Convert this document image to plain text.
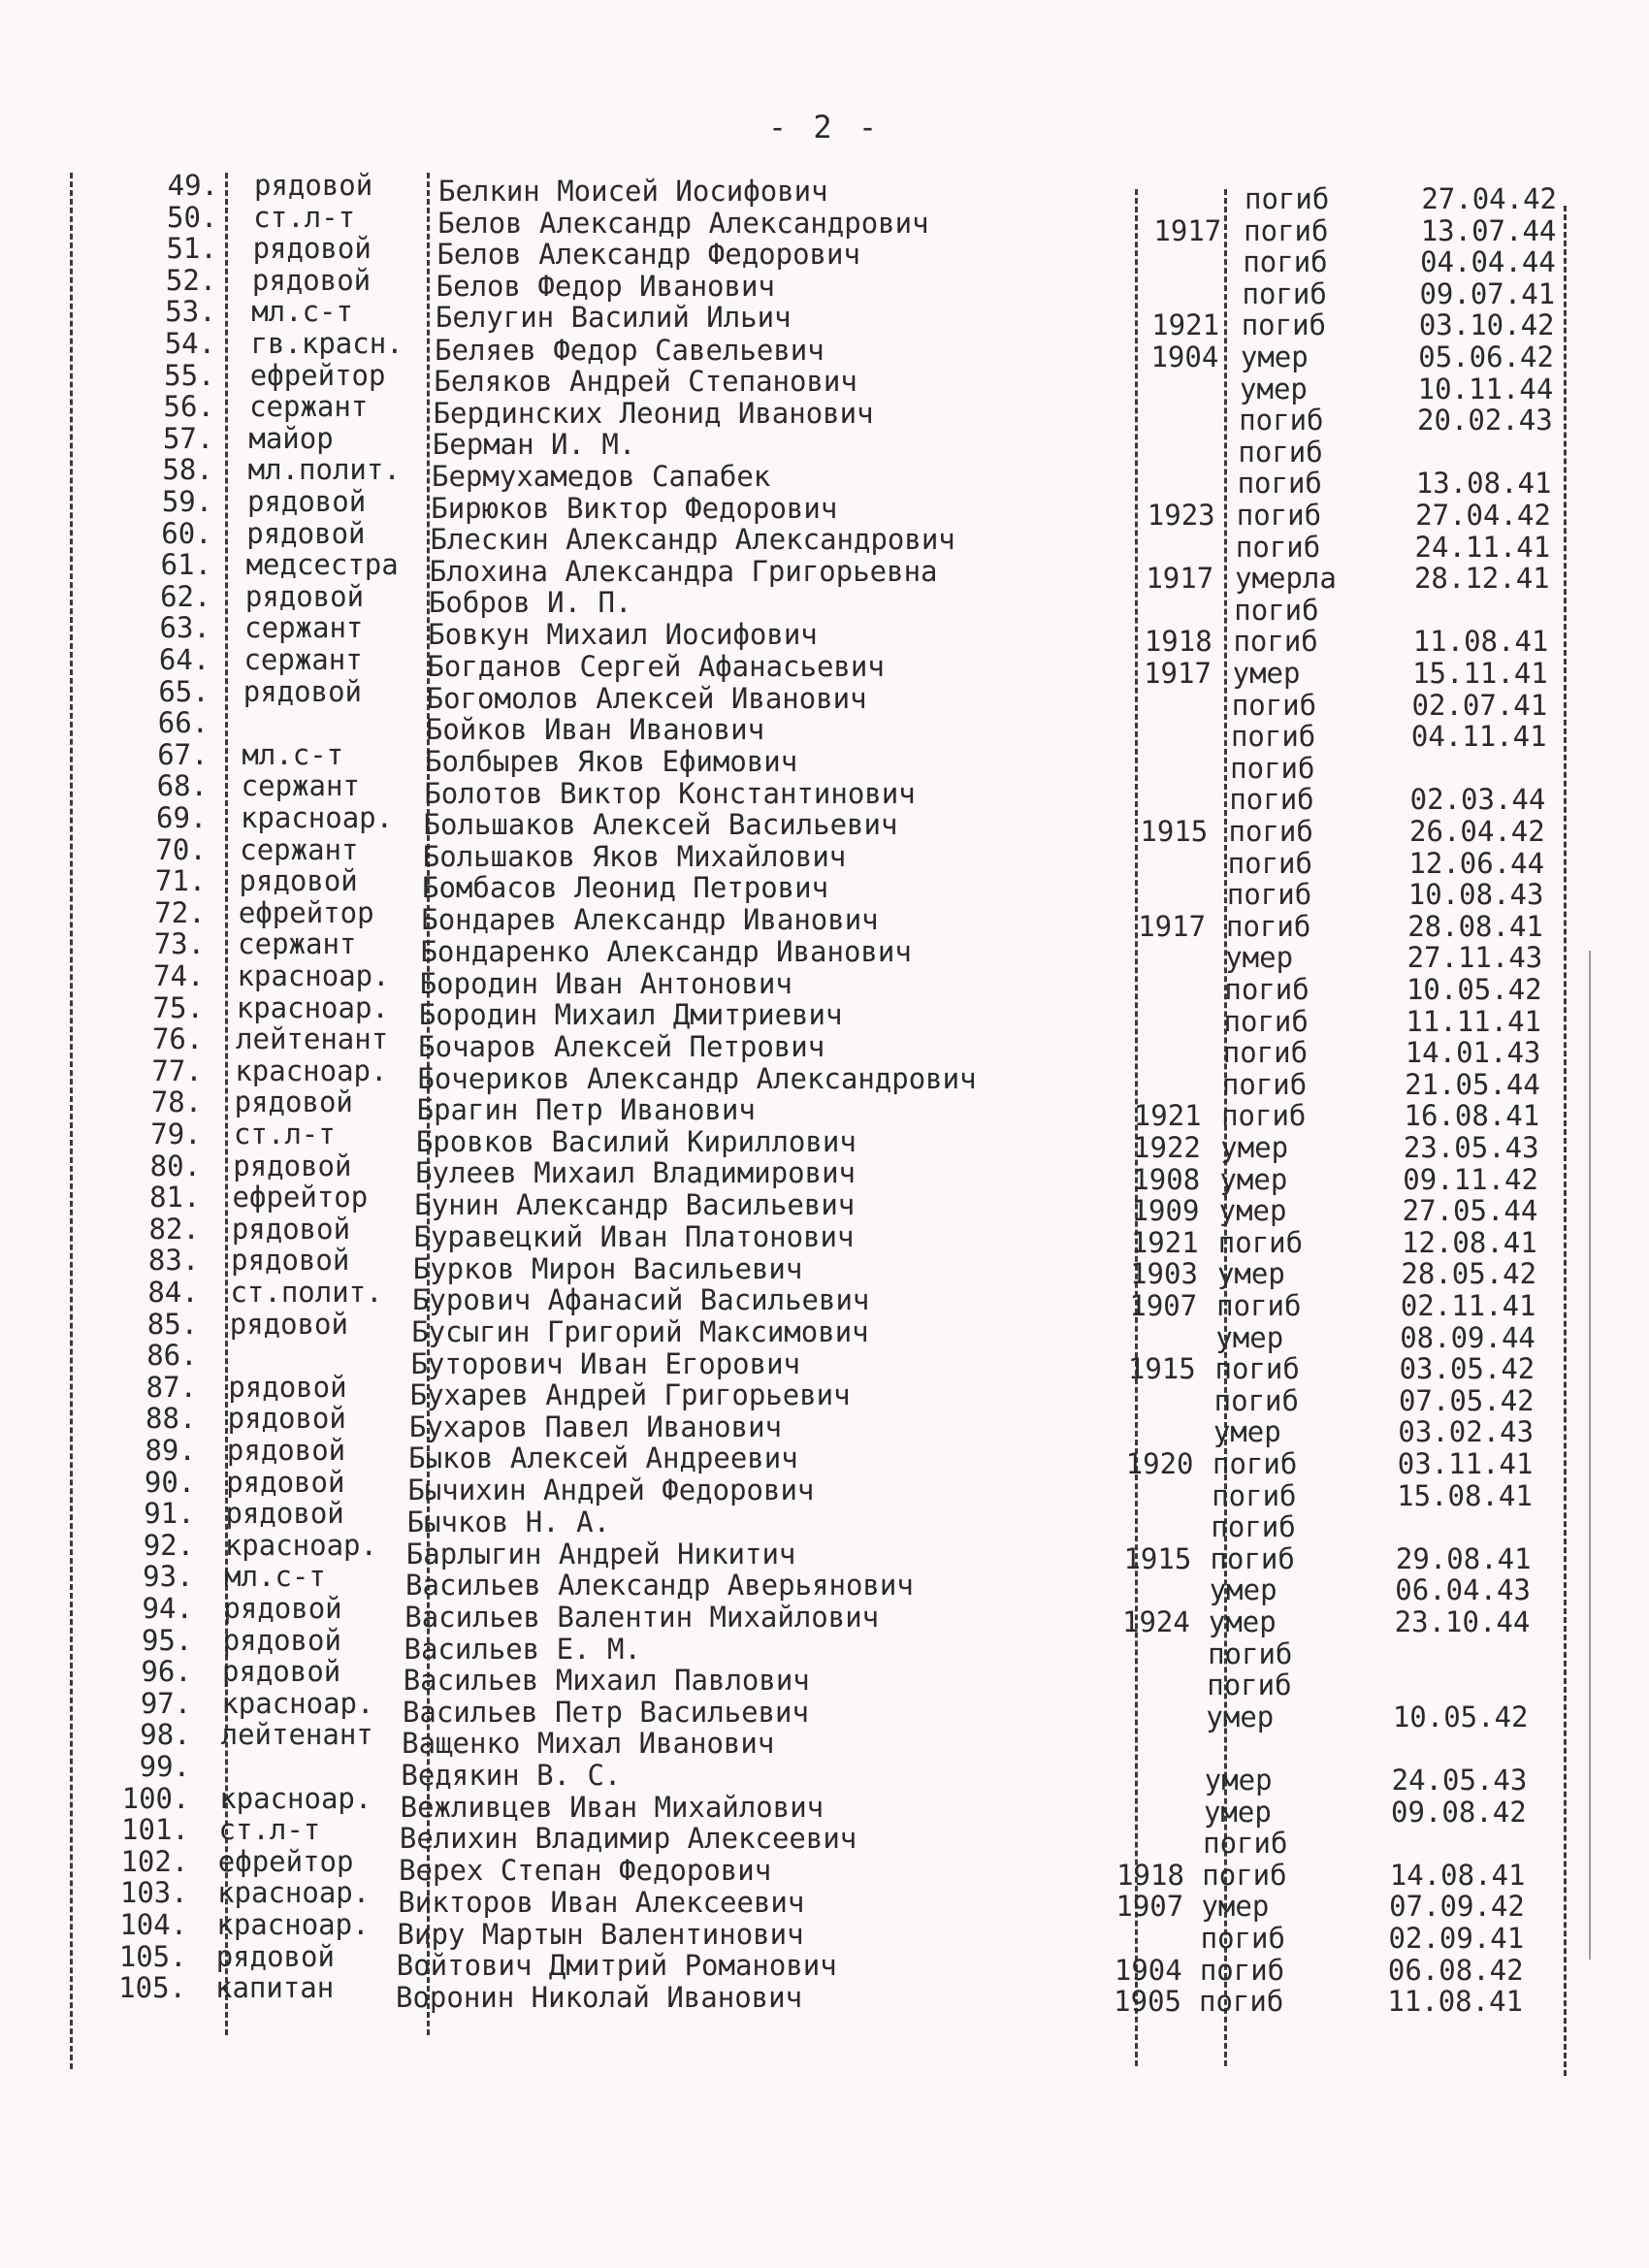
- 2 -
49. рядовой	Белкин Моисей Иосифович	погиб	27.04.42
50. ст.л-т	Белов Александр Александрович	1917 погиб	13.07.44
51. рядовой	Белов Александр Федорович	погиб	04.04.44
52. рядовой	Белов Федор Иванович	погиб	09.07.41
53. мл.с-т	Белугин Василий Ильич	1921 погиб	03.10.42
54. гв.красн.	Беляев Федор Савельевич	1904 умер	05.06.42
55. ефрейтор	Беляков Андрей Степанович	умер	10.11.44
56. сержант	Бердинских Леонид Иванович	погиб	20.02.43
57. майор	Берман И. М.	погиб
58. мл.полит.	Бермухамедов Сапабек	погиб	13.08.41
59. рядовой	Бирюков Виктор Федорович	1923 погиб	27.04.42
60. рядовой	Блескин Александр Александрович	погиб	24.11.41
61. медсестра	Блохина Александра Григорьевна	1917 умерла	28.12.41
62. рядовой	Бобров И. П.	погиб
63. сержант	Бовкун Михаил Иосифович	1918 погиб	11.08.41
64. сержант	Богданов Сергей Афанасьевич	1917 умер	15.11.41
65. рядовой	Богомолов Алексей Иванович	погиб	02.07.41
66.	Бойков Иван Иванович	погиб	04.11.41
67. мл.с-т	Болбырев Яков Ефимович	погиб
68. сержант	Болотов Виктор Константинович	погиб	02.03.44
69. красноар.	Большаков Алексей Васильевич	1915 погиб	26.04.42
70. сержант	Большаков Яков Михайлович	погиб	12.06.44
71. рядовой	Бомбасов Леонид Петрович	погиб	10.08.43
72. ефрейтор	Бондарев Александр Иванович	1917 погиб	28.08.41
73. сержант	Бондаренко Александр Иванович	умер	27.11.43
74. красноар.	Бородин Иван Антонович	погиб	10.05.42
75. красноар.	Бородин Михаил Дмитриевич	погиб	11.11.41
76. лейтенант	Бочаров Алексей Петрович	погиб	14.01.43
77. красноар.	Бочериков Александр Александрович	погиб	21.05.44
78. рядовой	Брагин Петр Иванович	1921 погиб	16.08.41
79. ст.л-т	Бровков Василий Кириллович	1922 умер	23.05.43
80. рядовой	Булеев Михаил Владимирович	1908 умер	09.11.42
81. ефрейтор	Бунин Александр Васильевич	1909 умер	27.05.44
82. рядовой	Буравецкий Иван Платонович	1921 погиб	12.08.41
83. рядовой	Бурков Мирон Васильевич	1903 умер	28.05.42
84. ст.полит.	Бурович Афанасий Васильевич	1907 погиб	02.11.41
85. рядовой	Бусыгин Григорий Максимович	умер	08.09.44
86.	Буторович Иван Егорович	1915 погиб	03.05.42
87. рядовой	Бухарев Андрей Григорьевич	погиб	07.05.42
88. рядовой	Бухаров Павел Иванович	умер	03.02.43
89. рядовой	Быков Алексей Андреевич	1920 погиб	03.11.41
90. рядовой	Бычихин Андрей Федорович	погиб	15.08.41
91. рядовой	Бычков Н. А.	погиб
92. красноар.	Барлыгин Андрей Никитич	1915 погиб	29.08.41
93. мл.с-т	Васильев Александр Аверьянович	умер	06.04.43
94. рядовой	Васильев Валентин Михайлович	1924 умер	23.10.44
95. рядовой	Васильев Е. М.	погиб
96. рядовой	Васильев Михаил Павлович	погиб
97. красноар.	Васильев Петр Васильевич	умер	10.05.42
98. лейтенант	Ващенко Михал Иванович
99.	Ведякин В. С.	умер	24.05.43
100. красноар.	Вежливцев Иван Михайлович	умер	09.08.42
101. ст.л-т	Велихин Владимир Алексеевич	погиб
102. ефрейтор	Верех Степан Федорович	1918 погиб	14.08.41
103. красноар.	Викторов Иван Алексеевич	1907 умер	07.09.42
104. красноар.	Виру Мартын Валентинович	погиб	02.09.41
105. рядовой	Войтович Дмитрий Романович	1904 погиб	06.08.42
105. капитан	Воронин Николай Иванович	1905 погиб	11.08.41
